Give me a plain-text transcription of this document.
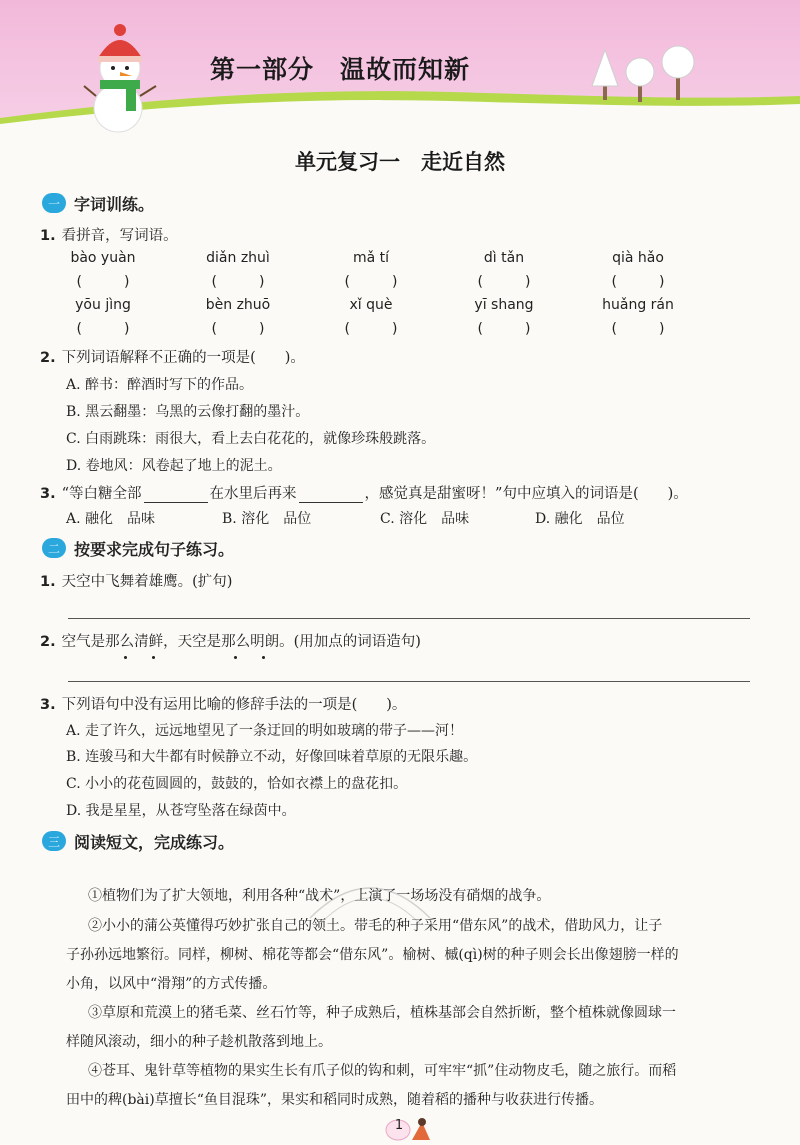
第一部分　温故而知新
单元复习一　走近自然
一 字词训练。
1. 看拼音，写词语。
bào yuàn	diǎn zhuì	mǎ tí	dì tǎn	qià hǎo
(　　　)	(　　　)	(　　　)	(　　　)	(　　　)
yōu jìng	bèn zhuō	xǐ què	yī shang	huǎng rán
(　　　)	(　　　)	(　　　)	(　　　)	(　　　)
2. 下列词语解释不正确的一项是(　　)。
A. 醉书：醉酒时写下的作品。
B. 黑云翻墨：乌黑的云像打翻的墨汁。
C. 白雨跳珠：雨很大，看上去白花花的，就像珍珠般跳落。
D. 卷地风：风卷起了地上的泥土。
3. “等白糖全部	在水里后再来	，感觉真是甜蜜呀！”句中应填入的词语是(　　)。
A. 融化　品味	B. 溶化　品位	C. 溶化　品味	D. 融化　品位
二 按要求完成句子练习。
1. 天空中飞舞着雄鹰。(扩句)
2. 空气是那么清鲜，天空是那么明朗。(用加点的词语造句)
3. 下列语句中没有运用比喻的修辞手法的一项是(　　)。
A. 走了许久，远远地望见了一条迂回的明如玻璃的带子——河！
B. 连骏马和大牛都有时候静立不动，好像回味着草原的无限乐趣。
C. 小小的花苞圆圆的，鼓鼓的，恰如衣襟上的盘花扣。
D. 我是星星，从苍穹坠落在绿茵中。
三 阅读短文，完成练习。
①植物们为了扩大领地，利用各种“战术”，上演了一场场没有硝烟的战争。
②小小的蒲公英懂得巧妙扩张自己的领土。带毛的种子采用“借东风”的战术，借助风力，让子
子孙孙远地繁衍。同样，柳树、棉花等都会“借东风”。榆树、槭(qì)树的种子则会长出像翅膀一样的
小角，以风中“滑翔”的方式传播。
③草原和荒漠上的猪毛菜、丝石竹等，种子成熟后，植株基部会自然折断，整个植株就像圆球一
样随风滚动，细小的种子趁机散落到地上。
④苍耳、鬼针草等植物的果实生长有爪子似的钩和刺，可牢牢“抓”住动物皮毛，随之旅行。而稻
田中的稗(bài)草擅长“鱼目混珠”，果实和稻同时成熟，随着稻的播种与收获进行传播。
1
